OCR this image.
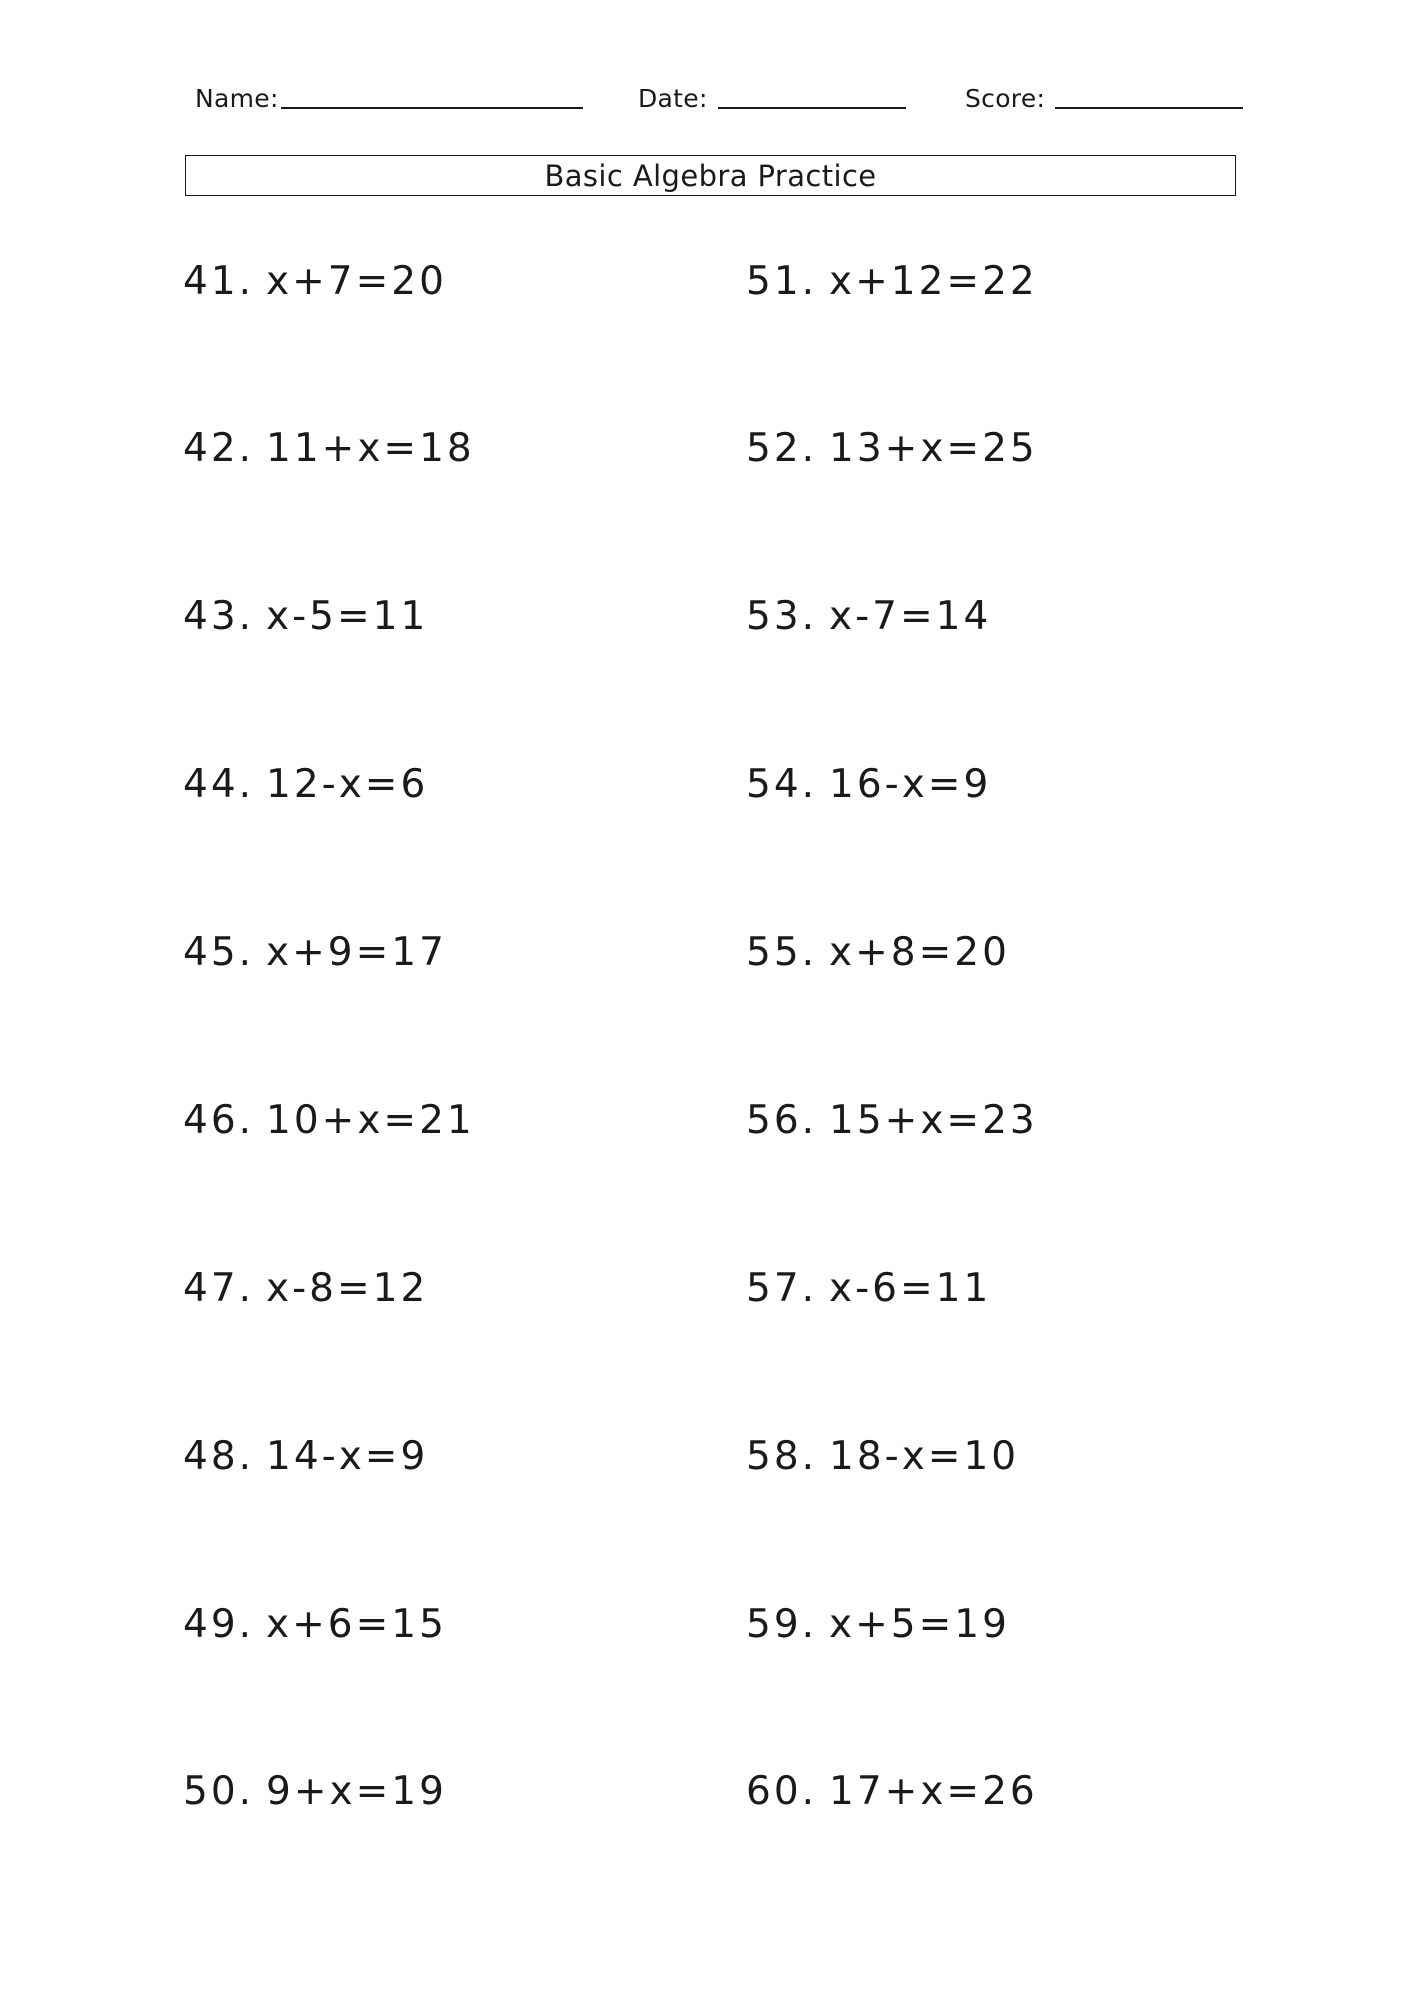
Name:	Date:	Score:
Basic Algebra Practice
41. x+7=20
42. 11+x=18
43. x-5=11
44. 12-x=6
45. x+9=17
46. 10+x=21
47. x-8=12
48. 14-x=9
49. x+6=15
50. 9+x=19
51. x+12=22
52. 13+x=25
53. x-7=14
54. 16-x=9
55. x+8=20
56. 15+x=23
57. x-6=11
58. 18-x=10
59. x+5=19
60. 17+x=26
